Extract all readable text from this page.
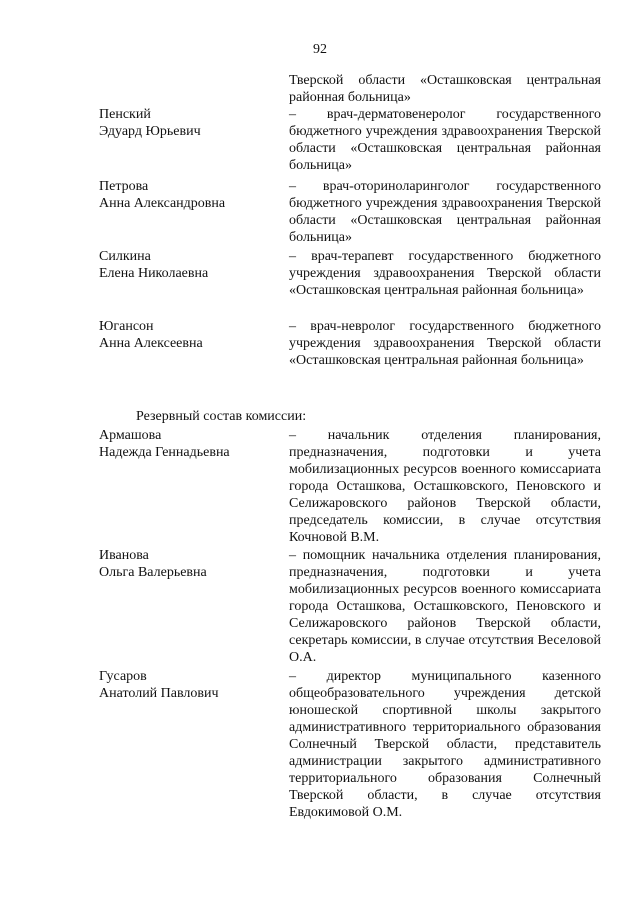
92
Тверской области «Осташковская центральная районная больница»
Пенский
Эдуард Юрьевич
– врач-дерматовенеролог государственного бюджетного учреждения здравоохранения Тверской области «Осташковская центральная районная больница»
Петрова
Анна Александровна
– врач-оториноларинголог государственного бюджетного учреждения здравоохранения Тверской области «Осташковская центральная районная больница»
Силкина
Елена Николаевна
– врач-терапевт государственного бюджетного учреждения здравоохранения Тверской области «Осташковская центральная районная больница»
Югансон
Анна Алексеевна
– врач-невролог государственного бюджетного учреждения здравоохранения Тверской области «Осташковская центральная районная больница»
Резервный состав комиссии:
Армашова
Надежда Геннадьевна
– начальник отделения планирования, предназначения, подготовки и учета мобилизационных ресурсов военного комиссариата города Осташкова, Осташковского, Пеновского и Селижаровского районов Тверской области, председатель комиссии, в случае отсутствия Кочновой В.М.
Иванова
Ольга Валерьевна
– помощник начальника отделения планирования, предназначения, подготовки и учета мобилизационных ресурсов военного комиссариата города Осташкова, Осташковского, Пеновского и Селижаровского районов Тверской области, секретарь комиссии, в случае отсутствия Веселовой О.А.
Гусаров
Анатолий Павлович
– директор муниципального казенного общеобразовательного учреждения детской юношеской спортивной школы закрытого административного территориального образования Солнечный Тверской области, представитель администрации закрытого административного территориального образования Солнечный Тверской области, в случае отсутствия Евдокимовой О.М.
